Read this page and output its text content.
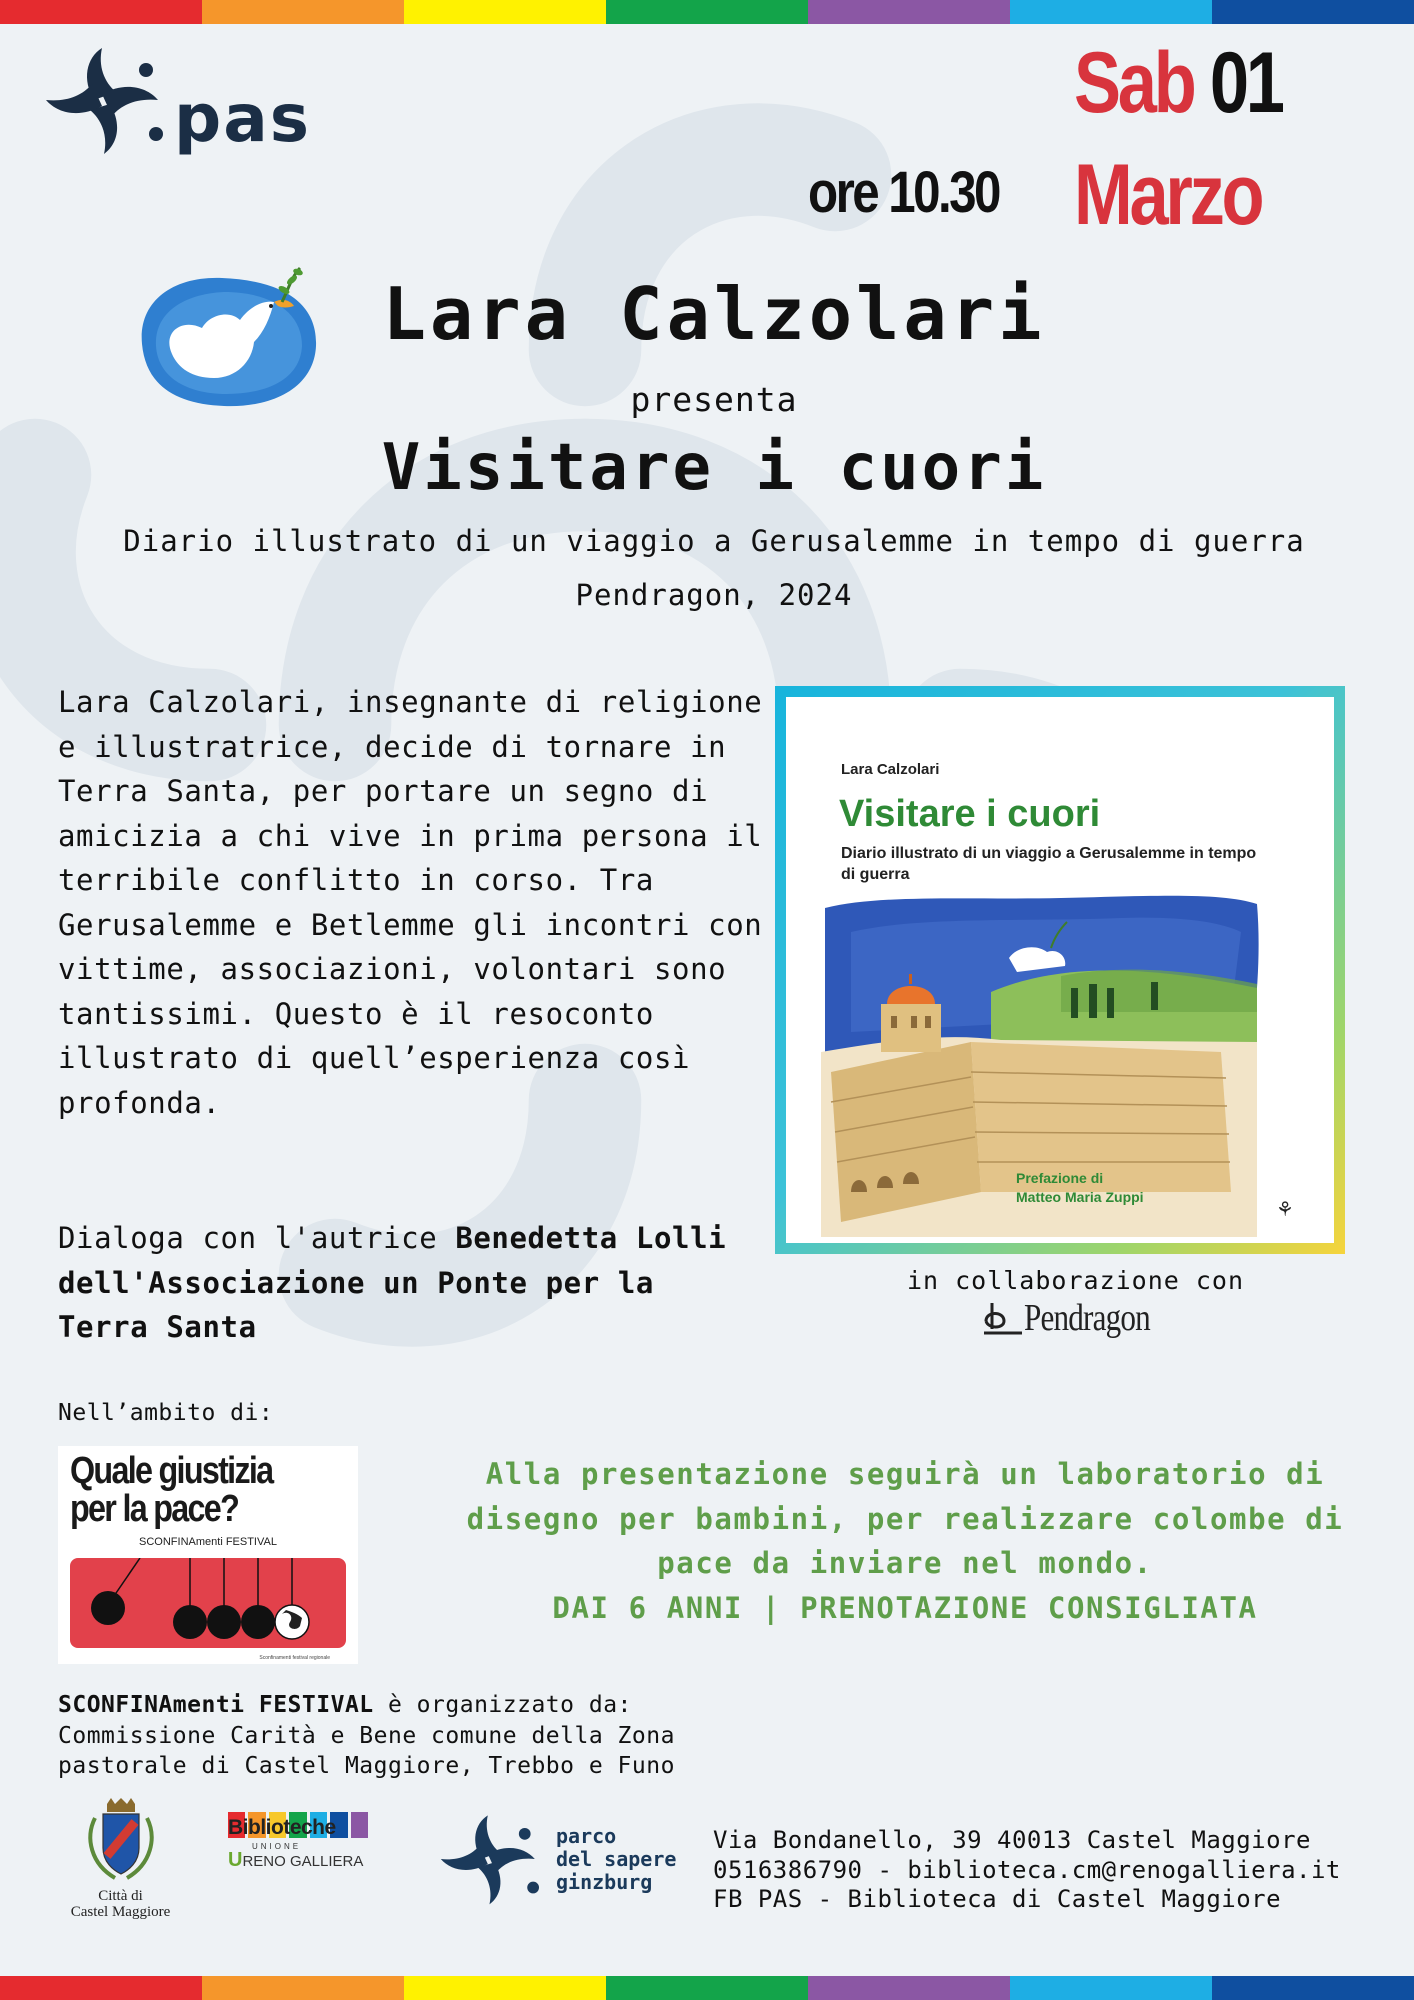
pas	Sab 01
Marzo
ore 10.30
Lara Calzolari
presenta
Visitare i cuori
Diario illustrato di un viaggio a Gerusalemme in tempo di guerra
Pendragon, 2024
Lara Calzolari, insegnante di religione e illustratrice, decide di tornare in Terra Santa, per portare un segno di amicizia a chi vive in prima persona il terribile conflitto in corso. Tra Gerusalemme e Betlemme gli incontri con vittime, associazioni, volontari sono tantissimi. Questo è il resoconto illustrato di quell’esperienza così profonda.
Dialoga con l'autrice Benedetta Lolli dell'Associazione un Ponte per la Terra Santa
Lara Calzolari
Visitare i cuori
Diario illustrato di un viaggio a Gerusalemme in tempo di guerra
Prefazione di
Matteo Maria Zuppi
⚘
in collaborazione con
Pendragon
Nell’ambito di:
Quale giustizia
per la pace?
SCONFINAmenti FESTIVAL
Sconfinamenti festival regionale
Alla presentazione seguirà un laboratorio di disegno per bambini, per realizzare colombe di pace da inviare nel mondo.
DAI 6 ANNI | PRENOTAZIONE CONSIGLIATA
SCONFINAmenti FESTIVAL è organizzato da:
Commissione Carità e Bene comune della Zona
pastorale di Castel Maggiore, Trebbo e Funo
Città di
Castel Maggiore
Biblioteche
UNIONE
URENO GALLIERA
parco
del sapere
ginzburg
Via Bondanello, 39 40013 Castel Maggiore
0516386790 - biblioteca.cm@renogalliera.it
FB PAS - Biblioteca di Castel Maggiore
